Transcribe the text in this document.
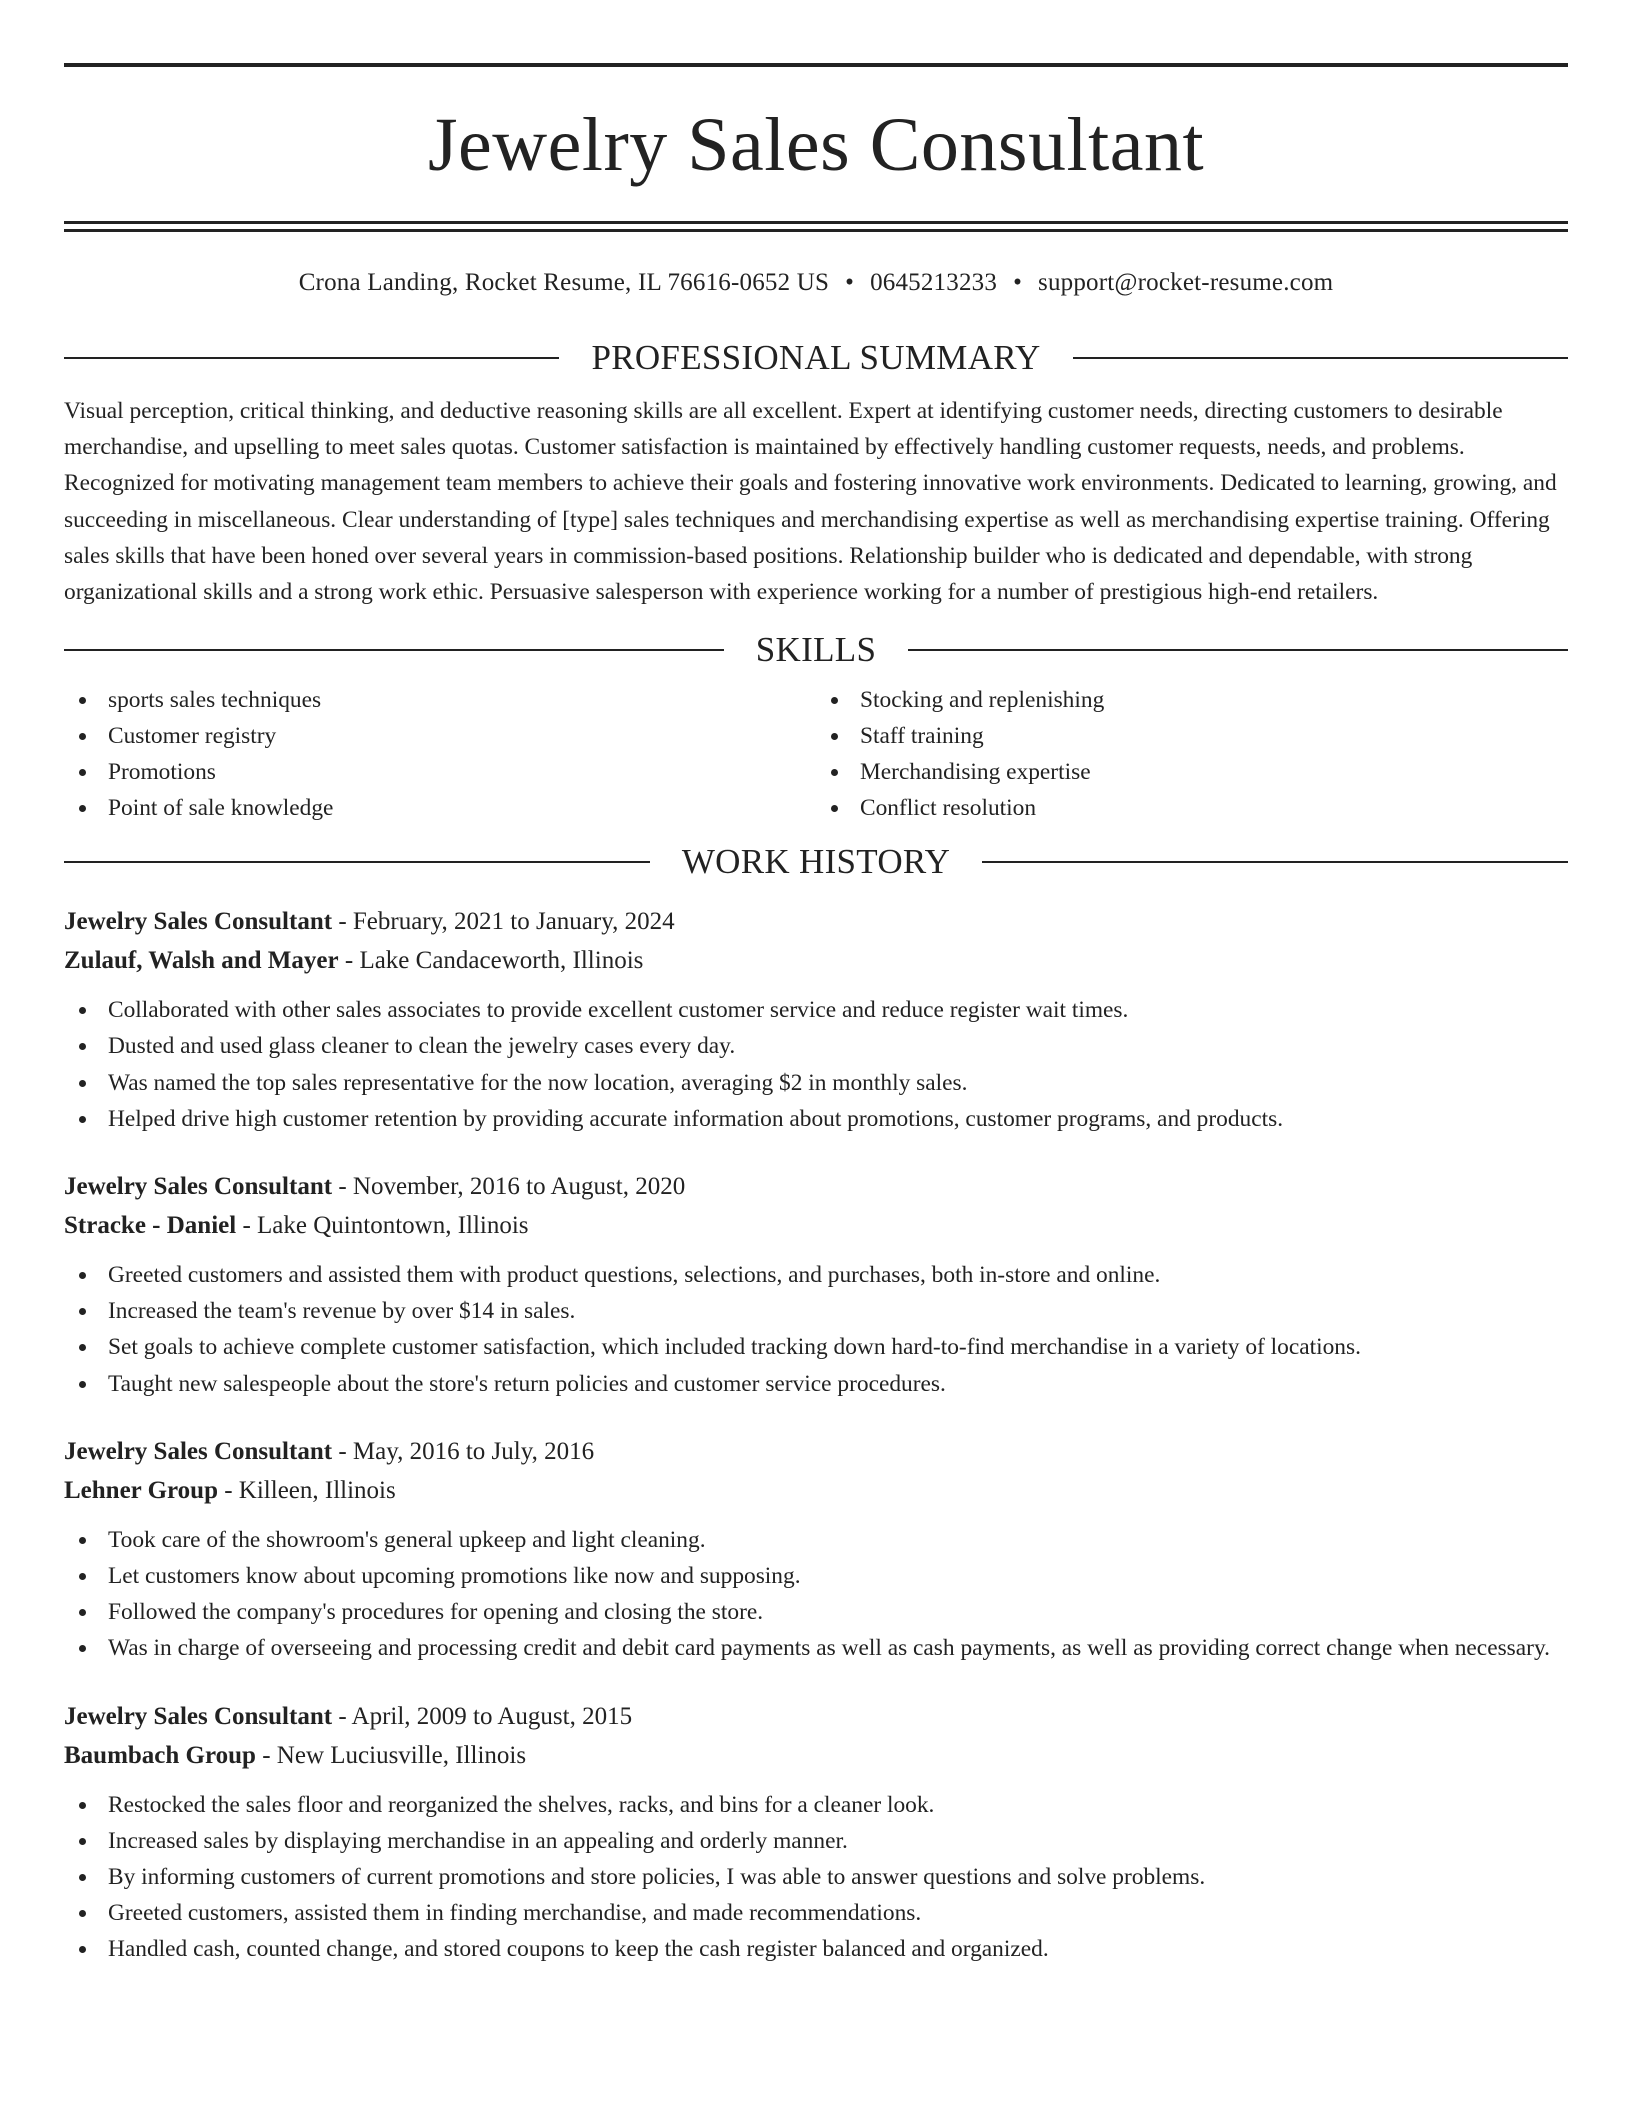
Jewelry Sales Consultant
Crona Landing, Rocket Resume, IL 76616-0652 US • 0645213233 • support@rocket-resume.com
PROFESSIONAL SUMMARY

Visual perception, critical thinking, and deductive reasoning skills are all excellent. Expert at identifying customer needs, directing customers to desirable merchandise, and upselling to meet sales quotas. Customer satisfaction is maintained by effectively handling customer requests, needs, and problems. Recognized for motivating management team members to achieve their goals and fostering innovative work environments. Dedicated to learning, growing, and succeeding in miscellaneous. Clear understanding of [type] sales techniques and merchandising expertise as well as merchandising expertise training. Offering sales skills that have been honed over several years in commission-based positions. Relationship builder who is dedicated and dependable, with strong organizational skills and a strong work ethic. Persuasive salesperson with experience working for a number of prestigious high-end retailers.

SKILLS
sports sales techniques
Customer registry
Promotions
Point of sale knowledge
Stocking and replenishing
Staff training
Merchandising expertise
Conflict resolution
WORK HISTORY
Jewelry Sales Consultant - February, 2021 to January, 2024
Zulauf, Walsh and Mayer - Lake Candaceworth, Illinois
Collaborated with other sales associates to provide excellent customer service and reduce register wait times.
Dusted and used glass cleaner to clean the jewelry cases every day.
Was named the top sales representative for the now location, averaging $2 in monthly sales.
Helped drive high customer retention by providing accurate information about promotions, customer programs, and products.
Jewelry Sales Consultant - November, 2016 to August, 2020
Stracke - Daniel - Lake Quintontown, Illinois
Greeted customers and assisted them with product questions, selections, and purchases, both in-store and online.
Increased the team's revenue by over $14 in sales.
Set goals to achieve complete customer satisfaction, which included tracking down hard-to-find merchandise in a variety of locations.
Taught new salespeople about the store's return policies and customer service procedures.
Jewelry Sales Consultant - May, 2016 to July, 2016
Lehner Group - Killeen, Illinois
Took care of the showroom's general upkeep and light cleaning.
Let customers know about upcoming promotions like now and supposing.
Followed the company's procedures for opening and closing the store.
Was in charge of overseeing and processing credit and debit card payments as well as cash payments, as well as providing correct change when necessary.
Jewelry Sales Consultant - April, 2009 to August, 2015
Baumbach Group - New Luciusville, Illinois
Restocked the sales floor and reorganized the shelves, racks, and bins for a cleaner look.
Increased sales by displaying merchandise in an appealing and orderly manner.
By informing customers of current promotions and store policies, I was able to answer questions and solve problems.
Greeted customers, assisted them in finding merchandise, and made recommendations.
Handled cash, counted change, and stored coupons to keep the cash register balanced and organized.
